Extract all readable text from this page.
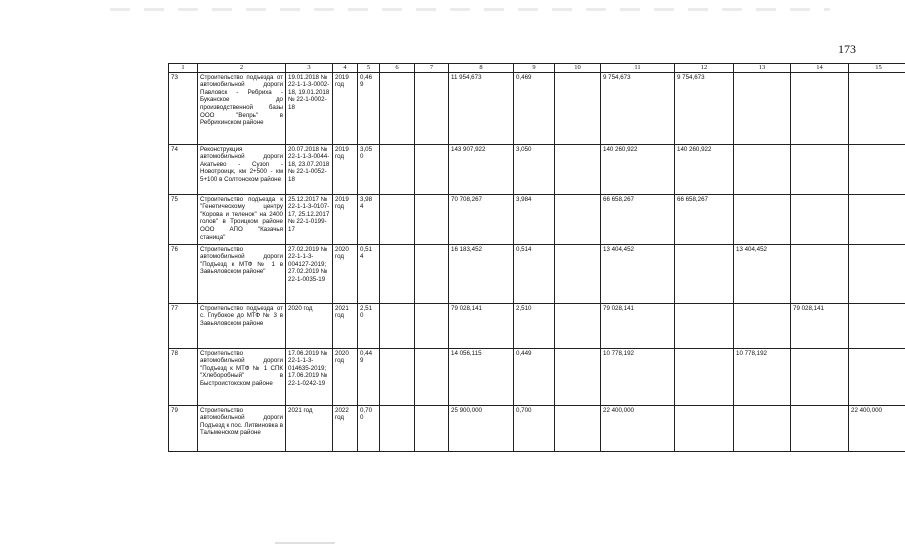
173
1	2	3	4	5	6	7	8	9	10	11	12	13	14	15
73	Строительство подъезда от автомобильной дороги Павловск - Ребриха - Буканское до производственной базы ООО "Вепрь" в Ребрихинском районе	19.01.2018 № 22-1-1-3-0002-18, 19.01.2018 № 22-1-0002-18	2019 год	0,46 9			11 954,673	0,469		9 754,673	9 754,673			
74	Реконструкция автомобильной дороги Акатьево - Сузоп - Новотроицк, км 2+500 - км 5+100 в Солтонском районе	20.07.2018 № 22-1-1-3-0044-18, 23.07.2018 № 22-1-0052-18	2019 год	3,05 0			143 907,922	3,050		140 260,922	140 260,922			
75	Строительство подъезда к "Генетическому центру "Корова и теленок" на 2400 голов" в Троицком районе ООО АПО "Казачья станица"	25.12.2017 № 22-1-1-3-0107-17, 25.12.2017 № 22-1-0199-17	2019 год	3,98 4			70 708,267	3,984		66 658,267	66 658,267			
76	Строительство автомобильной дороги "Подъезд к МТФ № 1 в Завьяловском районе"	27.02.2019 № 22-1-1-3-004127-2019; 27.02.2019 № 22-1-0035-19	2020 год	0,51 4			16 183,452	0,514		13 404,452		13 404,452		
77	Строительство подъезда от с. Глубокое до МТФ № 3 в Завьяловском районе	2020 год	2021 год	2,51 0			79 028,141	2,510		79 028,141			79 028,141	
78	Строительство автомобильной дороги "Подъезд к МТФ № 1 СПК "Хлеборобный" в Быстроистокском районе	17.06.2019 № 22-1-1-3-014635-2019; 17.06.2019 № 22-1-0242-19	2020 год	0,44 9			14 056,115	0,449		10 778,192		10 778,192		
79	Строительство автомобильной дороги Подъезд к пос. Литвиновка в Тальменском районе	2021 год	2022 год	0,70 0			25 900,000	0,700		22 400,000				22 400,000
